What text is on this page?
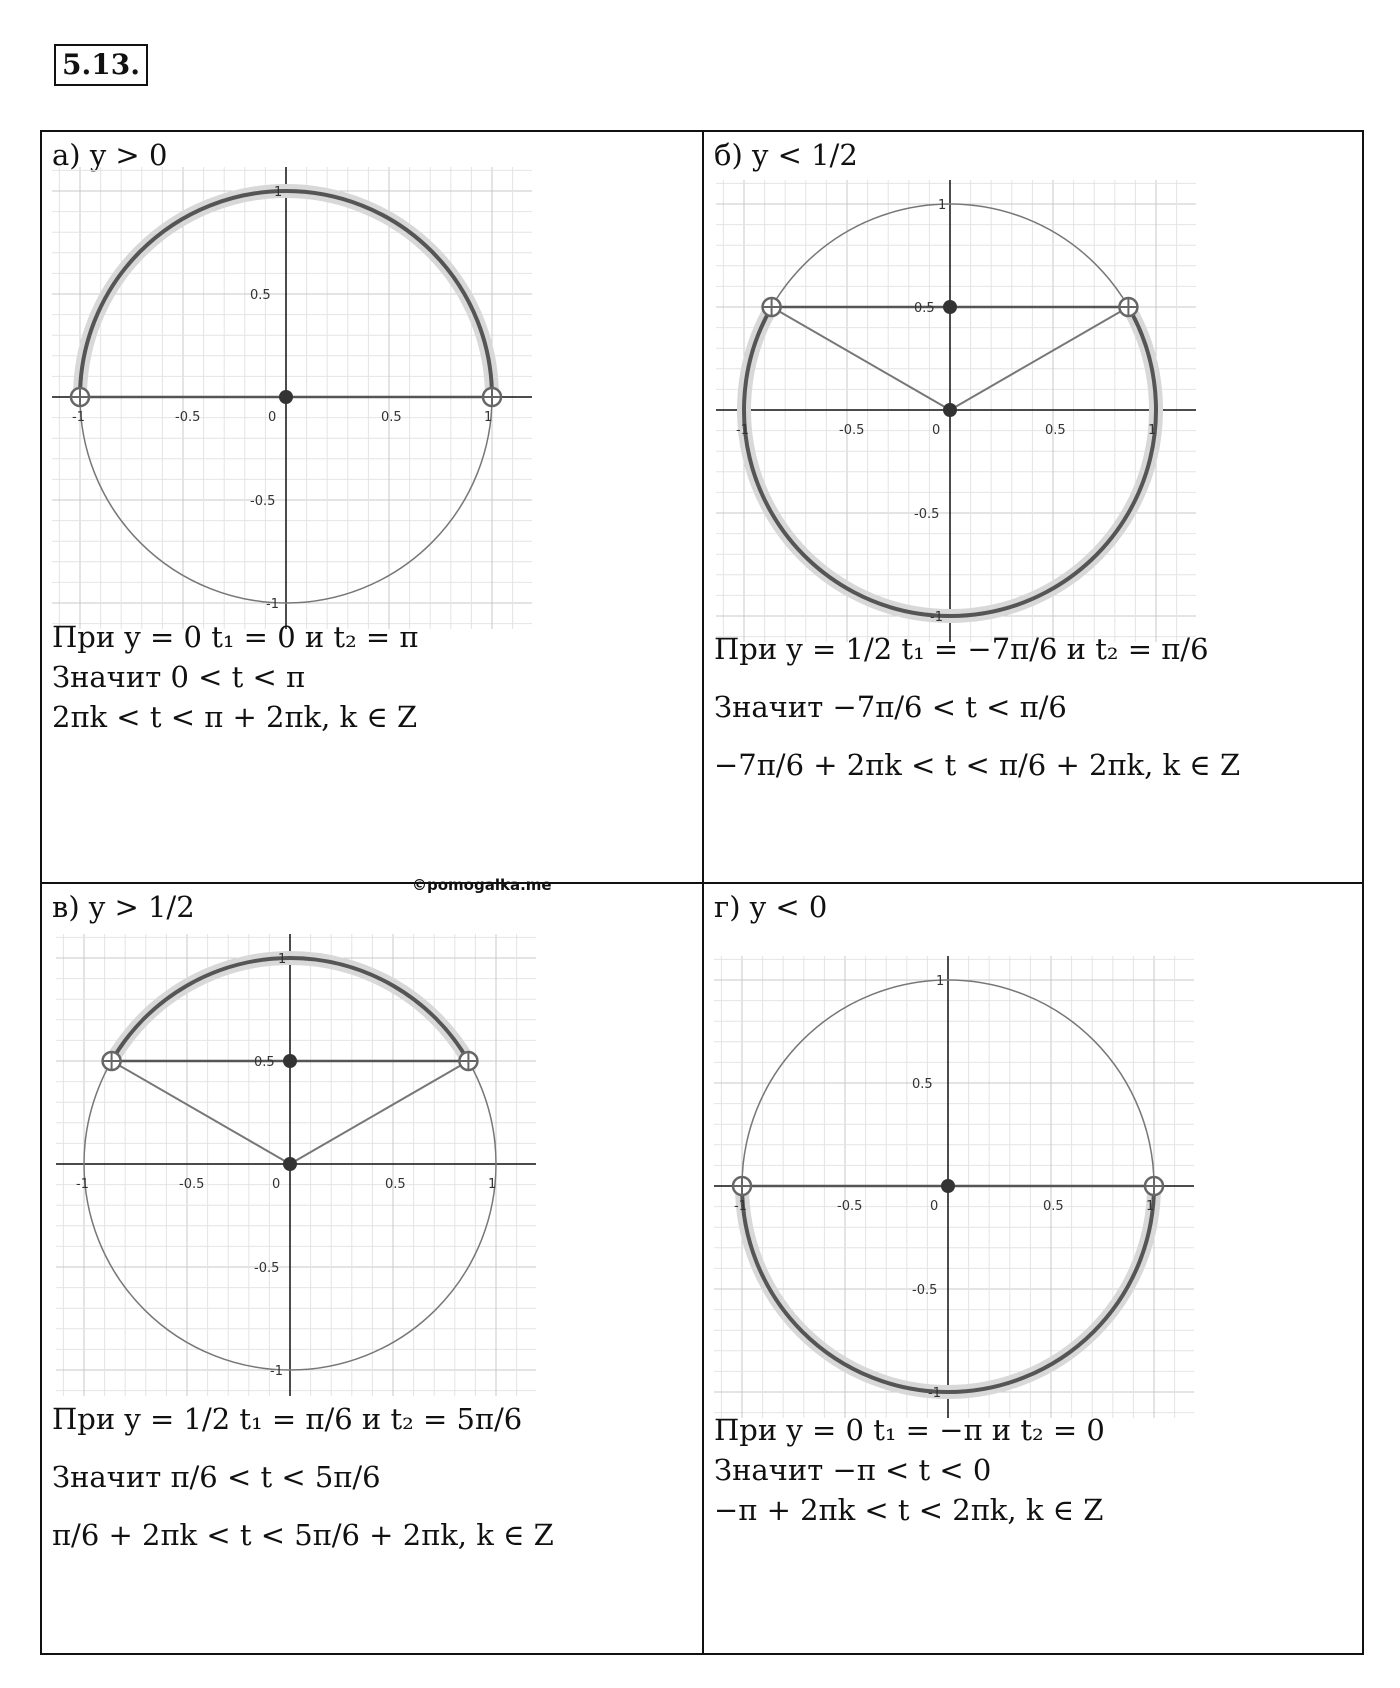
5.13.
а) y > 0
-1	-0.5	0	0.5	1
1
0.5
-0.5
-1
При y = 0 t₁ = 0 и t₂ = π
Значит 0 < t < π
2πk < t < π + 2πk, k ∈ Z
б) y < 1/2
-1	-0.5	0	0.5	1
1
0.5
-0.5
-1
При y = 1/2 t₁ = −7π/6 и t₂ = π/6
Значит −7π/6 < t < π/6
−7π/6 + 2πk < t < π/6 + 2πk, k ∈ Z
в) y > 1/2
-1	-0.5	0	0.5	1
1
0.5
-0.5
-1
При y = 1/2 t₁ = π/6 и t₂ = 5π/6
Значит π/6 < t < 5π/6
π/6 + 2πk < t < 5π/6 + 2πk, k ∈ Z
г) y < 0
-1	-0.5	0	0.5	1
1
0.5
-0.5
-1
При y = 0 t₁ = −π и t₂ = 0
Значит −π < t < 0
−π + 2πk < t < 2πk, k ∈ Z
©pomogalka.me
